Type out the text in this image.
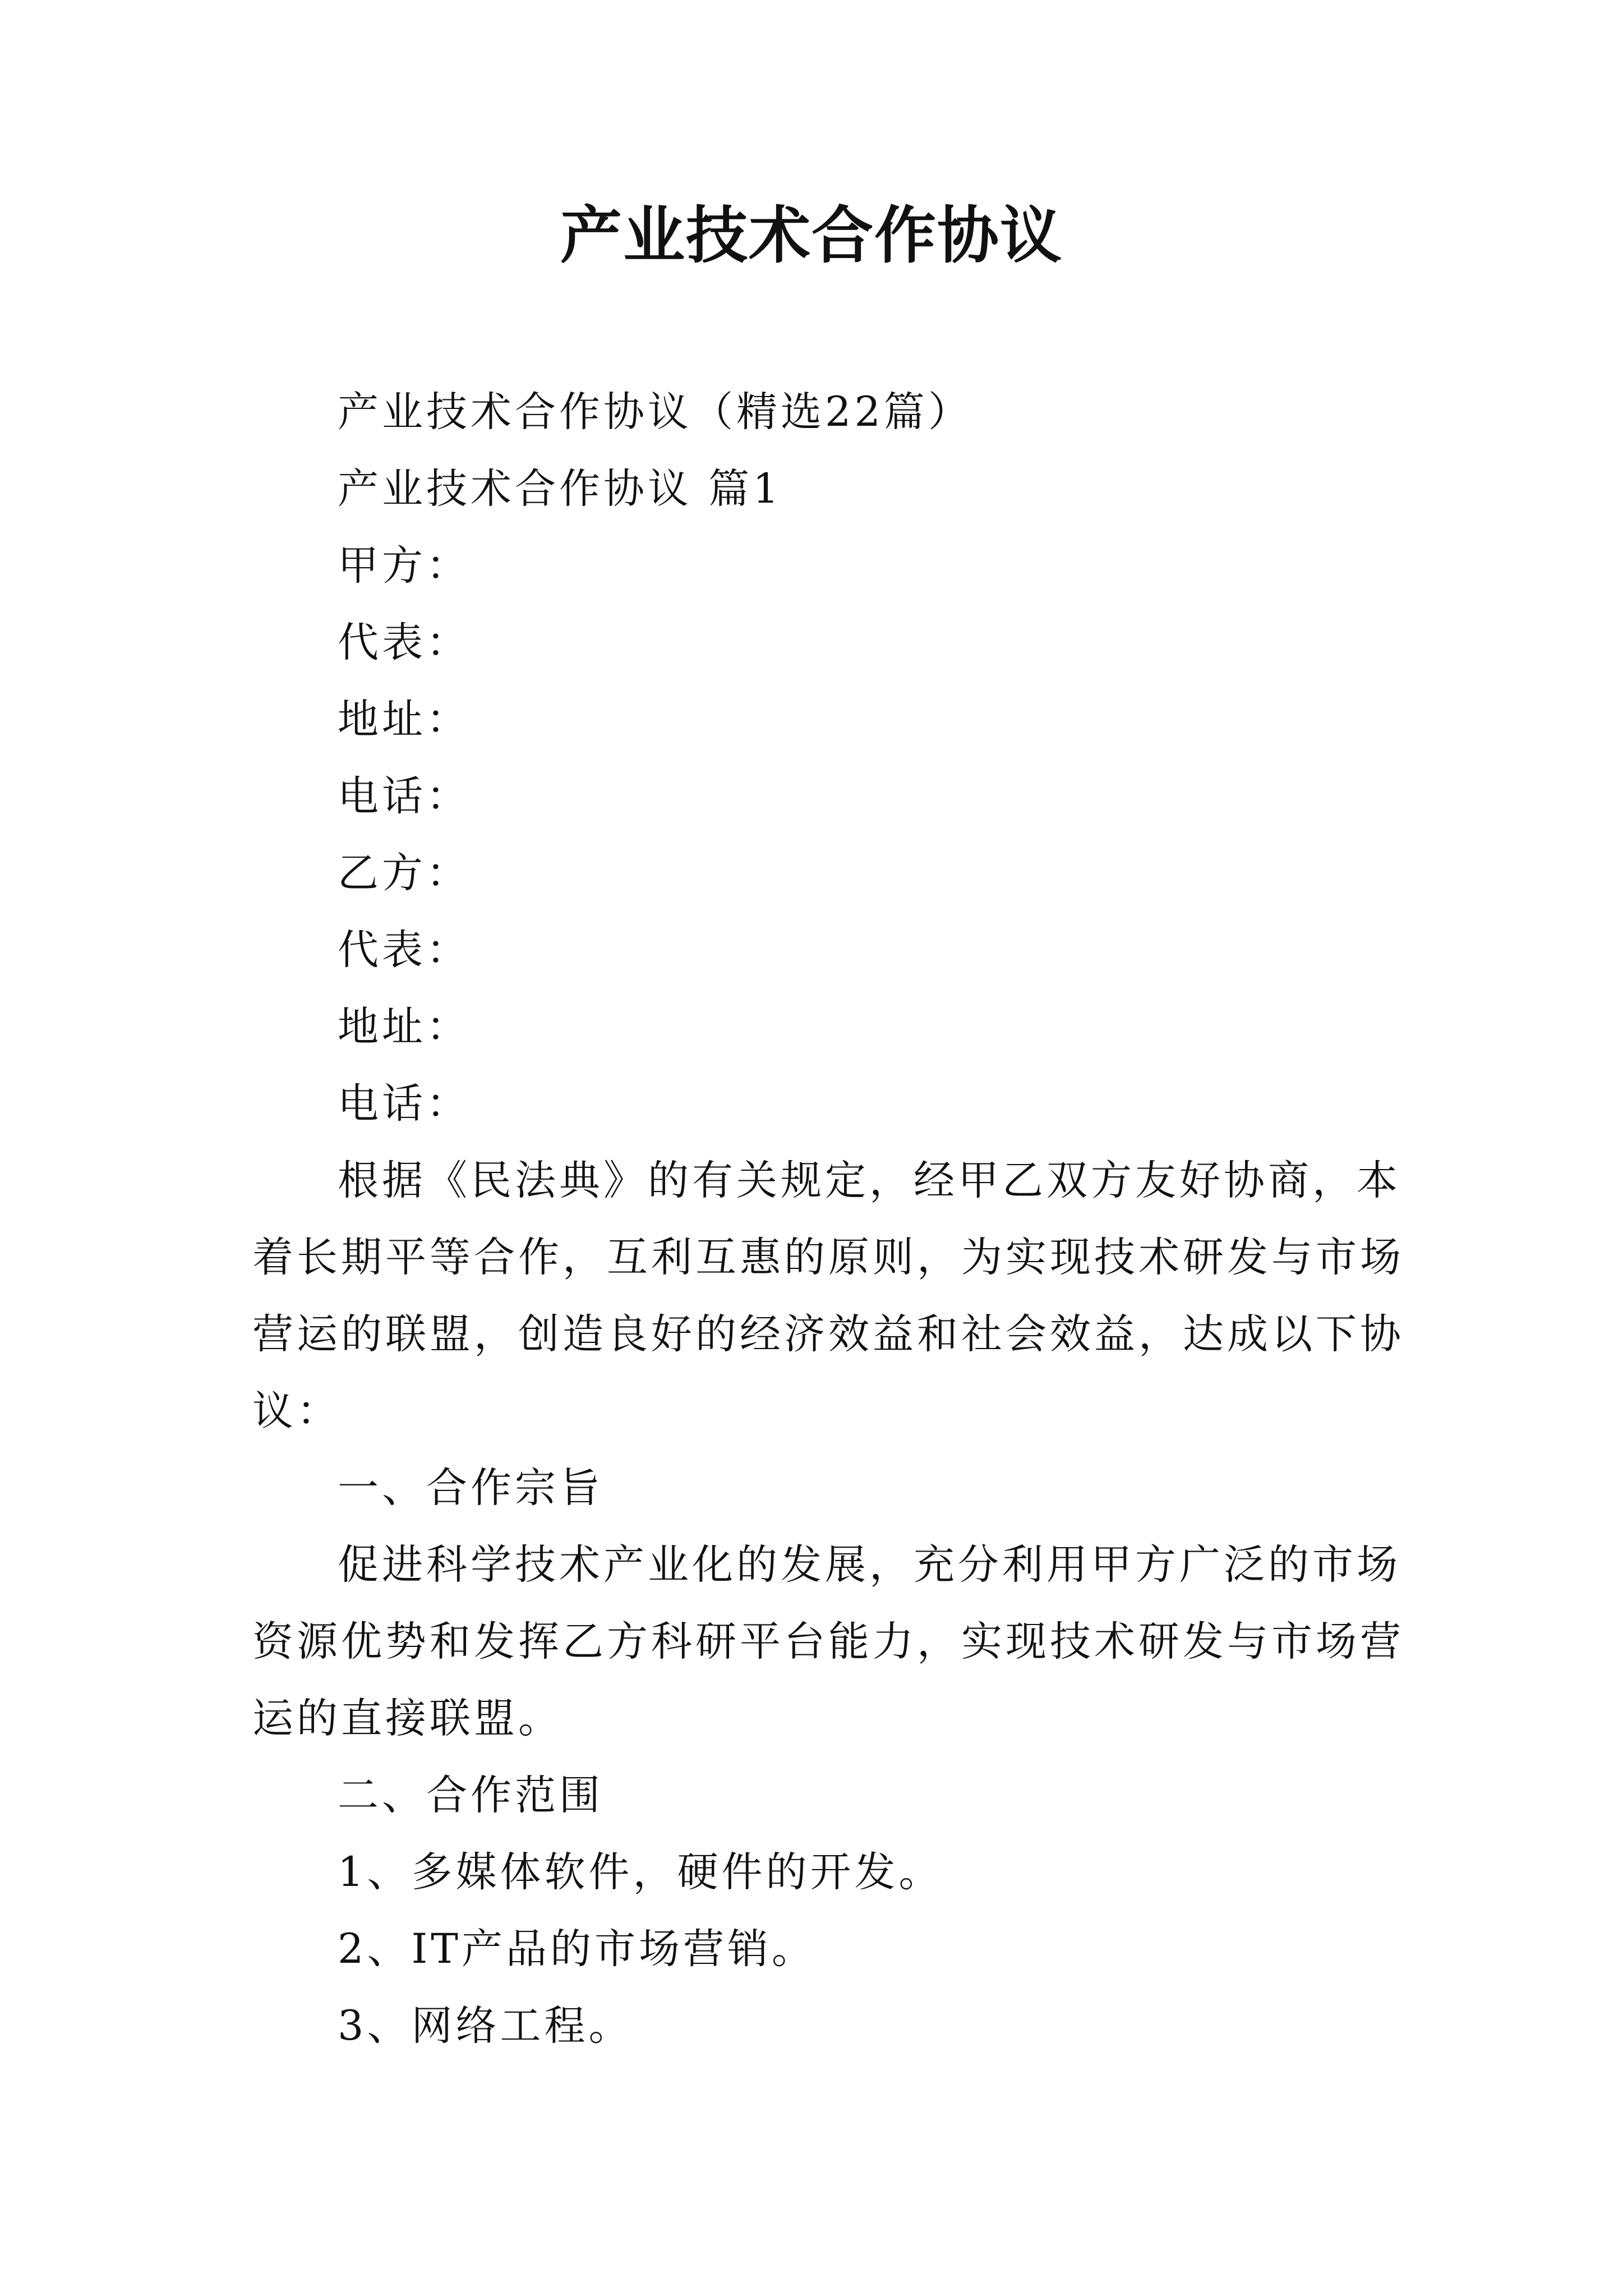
产业技术合作协议
产业技术合作协议（精选22篇）
产业技术合作协议 篇1
甲方：
代表：
地址：
电话：
乙方：
代表：
地址：
电话：
根据《民法典》的有关规定，经甲乙双方友好协商，本
着长期平等合作，互利互惠的原则，为实现技术研发与市场
营运的联盟，创造良好的经济效益和社会效益，达成以下协
议：
一、合作宗旨
促进科学技术产业化的发展，充分利用甲方广泛的市场
资源优势和发挥乙方科研平台能力，实现技术研发与市场营
运的直接联盟。
二、合作范围
1、多媒体软件，硬件的开发。
2、IT产品的市场营销。
3、网络工程。
